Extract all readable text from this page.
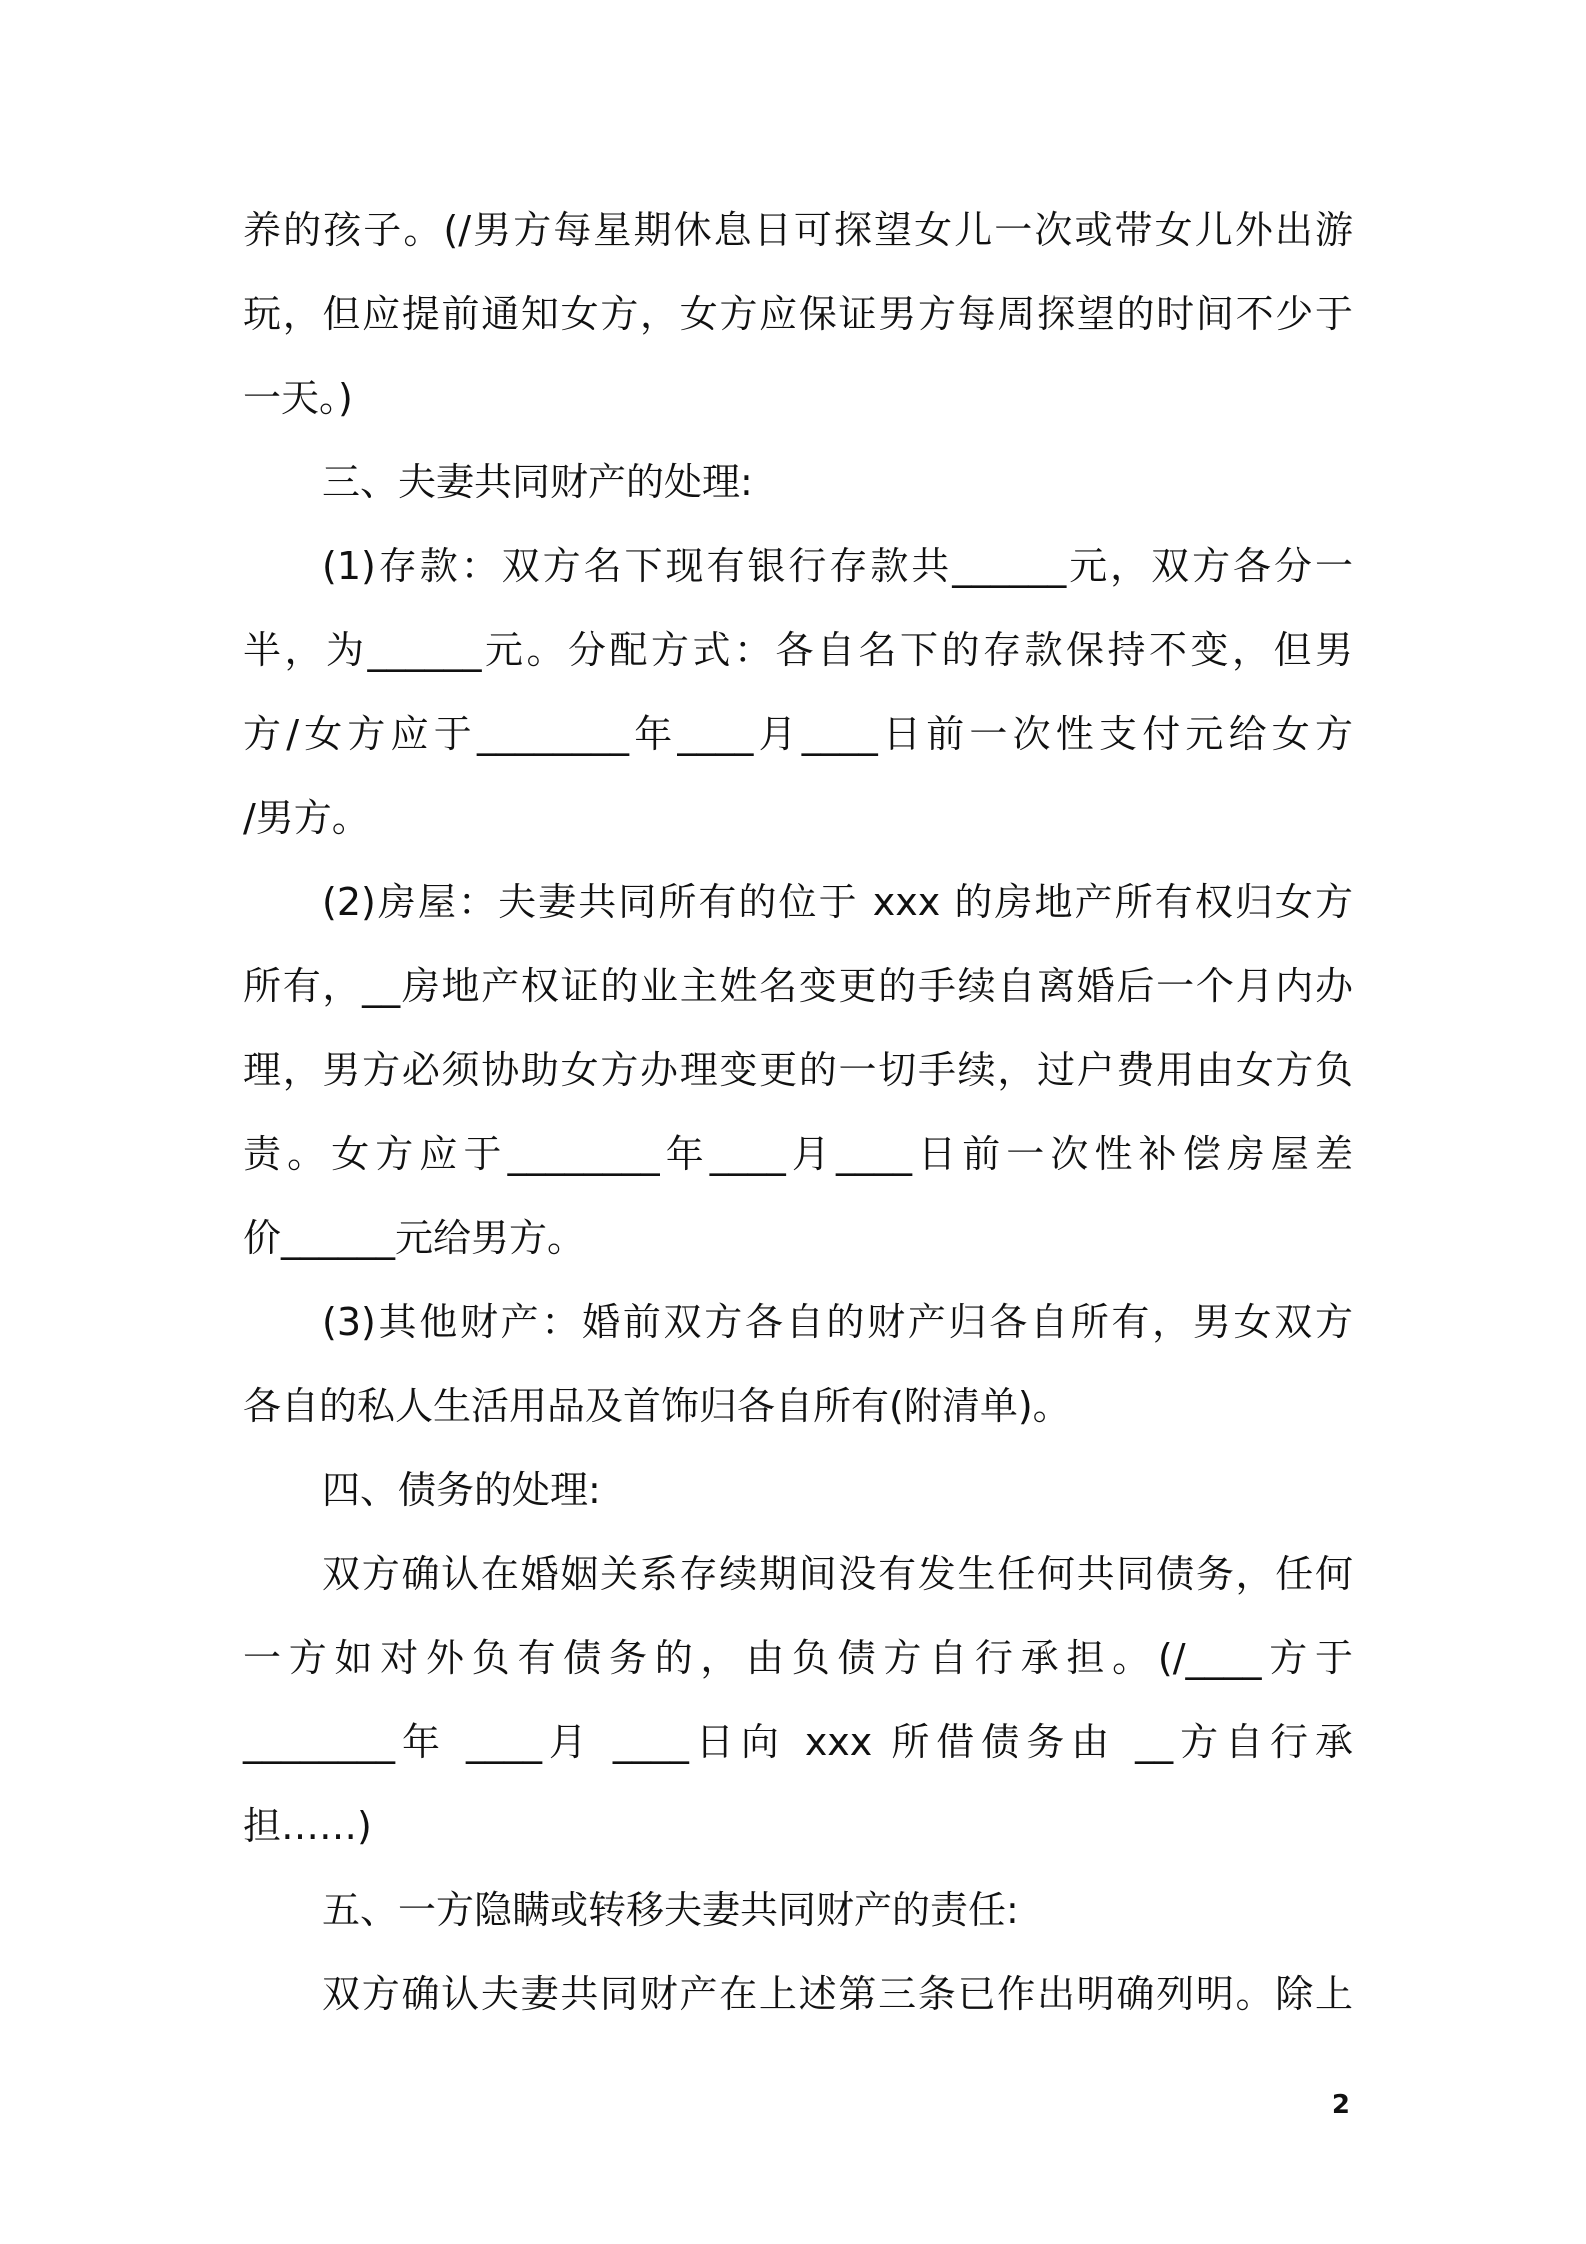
养的孩子。(/男方每星期休息日可探望女儿一次或带女儿外出游
玩，但应提前通知女方，女方应保证男方每周探望的时间不少于
一天。)
三、夫妻共同财产的处理:
(1)存款：双方名下现有银行存款共______元，双方各分一
半，为______元。分配方式：各自名下的存款保持不变，但男
方/女方应于________年____月____日前一次性支付元给女方
/男方。
(2)房屋：夫妻共同所有的位于 xxx 的房地产所有权归女方
所有，__房地产权证的业主姓名变更的手续自离婚后一个月内办
理，男方必须协助女方办理变更的一切手续，过户费用由女方负
责。女方应于________年____月____日前一次性补偿房屋差
价______元给男方。
(3)其他财产：婚前双方各自的财产归各自所有，男女双方
各自的私人生活用品及首饰归各自所有(附清单)。
四、债务的处理:
双方确认在婚姻关系存续期间没有发生任何共同债务，任何
一方如对外负有债务的，由负债方自行承担。(/____方于
________年 ____月 ____日向 xxx 所借债务由 __方自行承
担……)
五、一方隐瞒或转移夫妻共同财产的责任:
双方确认夫妻共同财产在上述第三条已作出明确列明。除上
2
